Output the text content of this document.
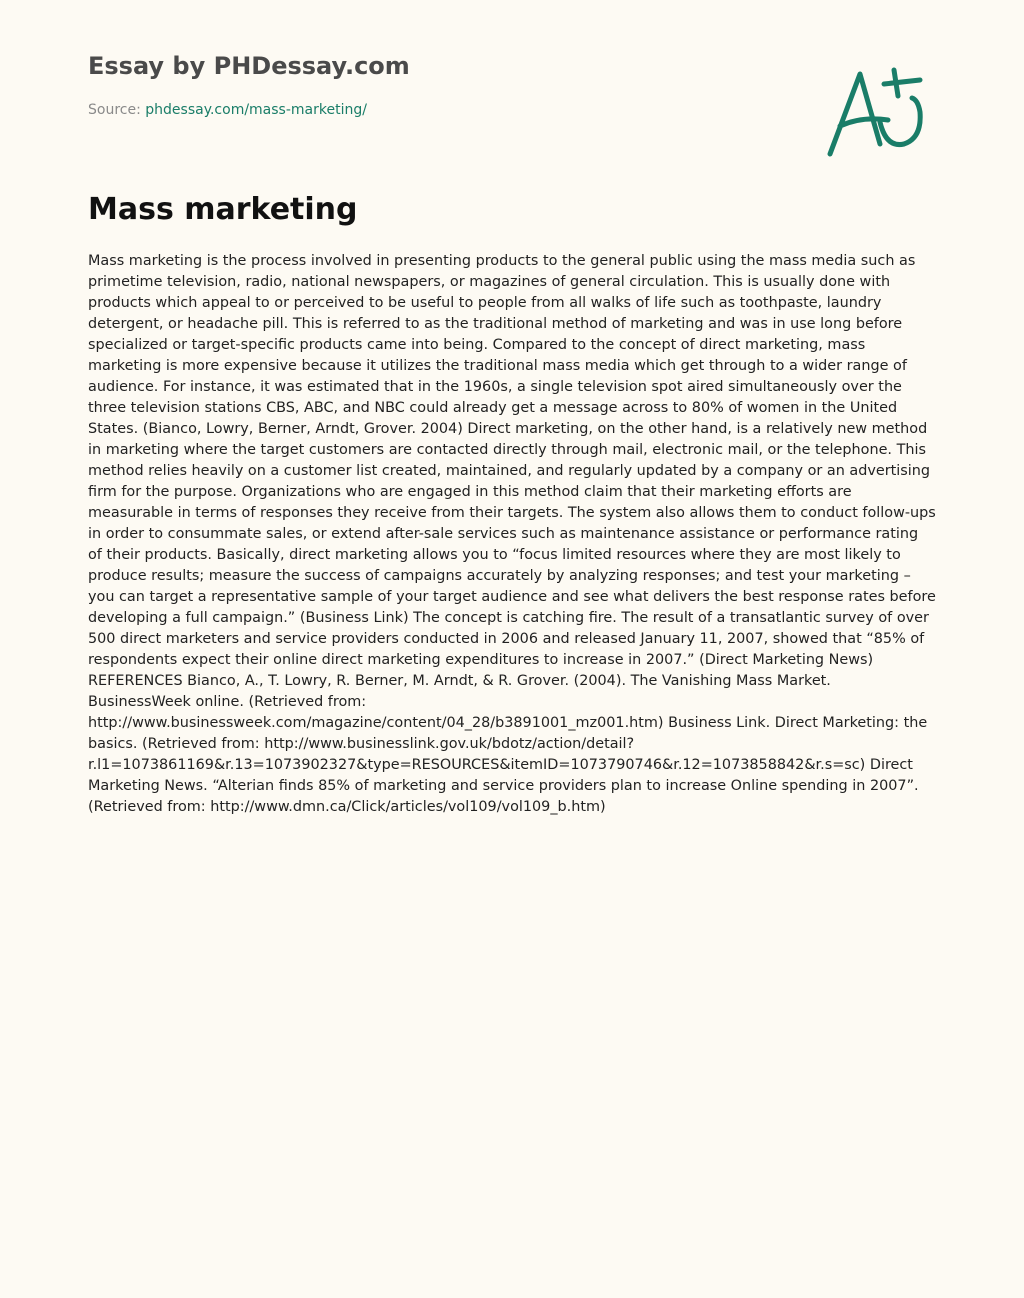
Essay by PHDessay.com
Source: phdessay.com/mass-marketing/
Mass marketing

Mass marketing is the process involved in presenting products to the general public using the mass media such as primetime television, radio, national newspapers, or magazines of general circulation. This is usually done with products which appeal to or perceived to be useful to people from all walks of life such as toothpaste, laundry detergent, or headache pill. This is referred to as the traditional method of marketing and was in use long before specialized or target-specific products came into being. Compared to the concept of direct marketing, mass marketing is more expensive because it utilizes the traditional mass media which get through to a wider range of audience. For instance, it was estimated that in the 1960s, a single television spot aired simultaneously over the three television stations CBS, ABC, and NBC could already get a message across to 80% of women in the United States. (Bianco, Lowry, Berner, Arndt, Grover. 2004) Direct marketing, on the other hand, is a relatively new method in marketing where the target customers are contacted directly through mail, electronic mail, or the telephone. This method relies heavily on a customer list created, maintained, and regularly updated by a company or an advertising firm for the purpose. Organizations who are engaged in this method claim that their marketing efforts are measurable in terms of responses they receive from their targets. The system also allows them to conduct follow-ups in order to consummate sales, or extend after-sale services such as maintenance assistance or performance rating of their products. Basically, direct marketing allows you to “focus limited resources where they are most likely to produce results; measure the success of campaigns accurately by analyzing responses; and test your marketing – you can target a representative sample of your target audience and see what delivers the best response rates before developing a full campaign.” (Business Link) The concept is catching fire. The result of a transatlantic survey of over 500 direct marketers and service providers conducted in 2006 and released January 11, 2007, showed that “85% of respondents expect their online direct marketing expenditures to increase in 2007.” (Direct Marketing News) REFERENCES Bianco, A., T. Lowry, R. Berner, M. Arndt, & R. Grover. (2004). The Vanishing Mass Market. BusinessWeek online. (Retrieved from: http://www.businessweek.com/magazine/content/04_28/b3891001_mz001.htm) Business Link. Direct Marketing: the basics. (Retrieved from: http://www.businesslink.gov.uk/bdotz/action/detail?r.l1=1073861169&r.13=1073902327&type=RESOURCES&itemID=1073790746&r.12=1073858842&r.s=sc) Direct Marketing News. “Alterian finds 85% of marketing and service providers plan to increase Online spending in 2007”. (Retrieved from: http://www.dmn.ca/Click/articles/vol109/vol109_b.htm)
